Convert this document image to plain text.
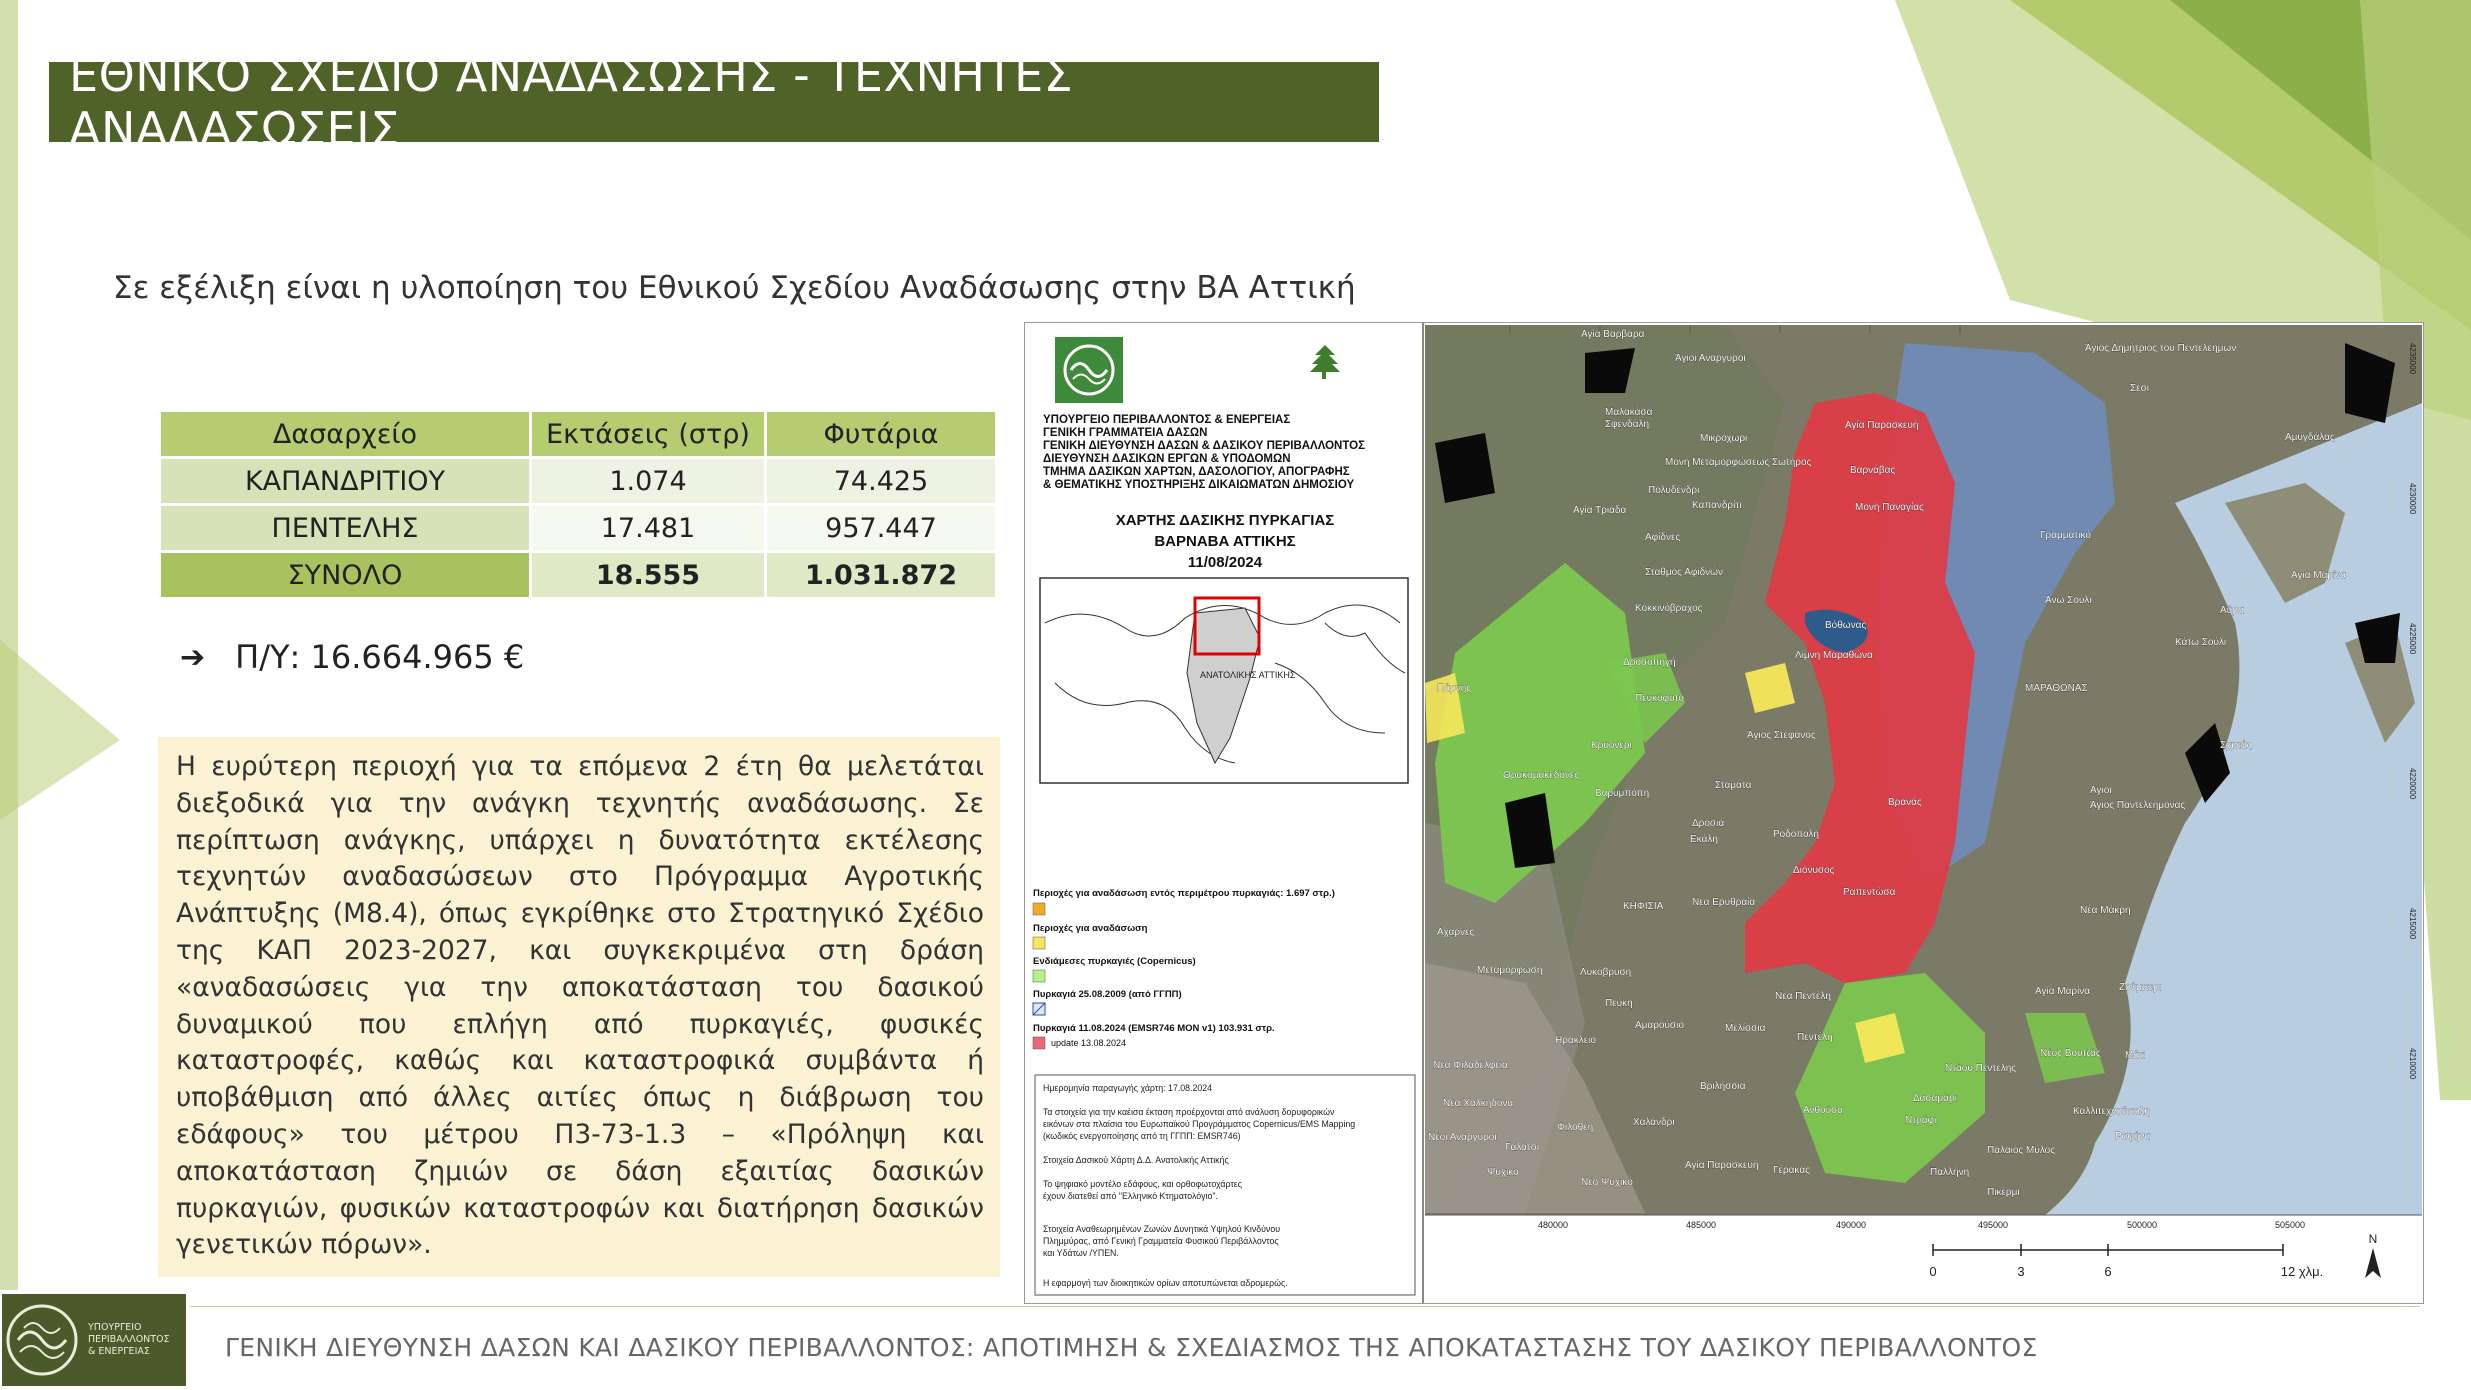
ΕΘΝΙΚΟ ΣΧΕΔΙΟ ΑΝΑΔΑΣΩΣΗΣ - ΤΕΧΝΗΤΕΣ ΑΝΑΔΑΣΩΣΕΙΣ
Σε εξέλιξη είναι η υλοποίηση του Εθνικού Σχεδίου Αναδάσωσης στην ΒΑ Αττική
Δασαρχείο	Εκτάσεις (στρ)	Φυτάρια
ΚΑΠΑΝΔΡΙΤΙΟΥ	1.074	74.425
ΠΕΝΤΕΛΗΣ	17.481	957.447
ΣΥΝΟΛΟ	18.555	1.031.872
➔ Π/Υ: 16.664.965 €

Η ευρύτερη περιοχή για τα επόμενα 2 έτη θα μελετάται διεξοδικά για την ανάγκη τεχνητής αναδάσωσης. Σε περίπτωση ανάγκης, υπάρχει η δυνατότητα εκτέλεσης τεχνητών αναδασώσεων στο Πρόγραμμα Αγροτικής Ανάπτυξης (Μ8.4), όπως εγκρίθηκε στο Στρατηγικό Σχέδιο της ΚΑΠ 2023-2027, και συγκεκριμένα στη δράση «αναδασώσεις για την αποκατάσταση του δασικού δυναμικού που επλήγη από πυρκαγιές, φυσικές καταστροφές, καθώς και καταστροφικά συμβάντα ή υποβάθμιση από άλλες αιτίες όπως η διάβρωση του εδάφους» του μέτρου Π3-73-1.3 – «Πρόληψη και αποκατάσταση ζημιών σε δάση εξαιτίας δασικών πυρκαγιών, φυσικών καταστροφών και διατήρηση δασικών γενετικών πόρων».

ΥΠΟΥΡΓΕΙΟ ΠΕΡΙΒΑΛΛΟΝΤΟΣ & ΕΝΕΡΓΕΙΑΣ
ΓΕΝΙΚΗ ΓΡΑΜΜΑΤΕΙΑ ΔΑΣΩΝ
ΓΕΝΙΚΗ ΔΙΕΥΘΥΝΣΗ ΔΑΣΩΝ & ΔΑΣΙΚΟΥ ΠΕΡΙΒΑΛΛΟΝΤΟΣ
ΔΙΕΥΘΥΝΣΗ ΔΑΣΙΚΩΝ ΕΡΓΩΝ & ΥΠΟΔΟΜΩΝ
ΤΜΗΜΑ ΔΑΣΙΚΩΝ ΧΑΡΤΩΝ, ΔΑΣΟΛΟΓΙΟΥ, ΑΠΟΓΡΑΦΗΣ
& ΘΕΜΑΤΙΚΗΣ ΥΠΟΣΤΗΡΙΞΗΣ ΔΙΚΑΙΩΜΑΤΩΝ ΔΗΜΟΣΙΟΥ
ΧΑΡΤΗΣ ΔΑΣΙΚΗΣ ΠΥΡΚΑΓΙΑΣ
ΒΑΡΝΑΒΑ ΑΤΤΙΚΗΣ
11/08/2024
ΑΝΑΤΟΛΙΚΗΣ ΑΤΤΙΚΗΣ
Περιοχές για αναδάσωση εντός περιμέτρου πυρκαγιάς: 1.697 στρ.)
Περιοχές για αναδάσωση
Ενδιάμεσες πυρκαγιές (Copernicus)
Πυρκαγιά 25.08.2009 (από ΓΓΠΠ)
Πυρκαγιά 11.08.2024 (EMSR746 MON v1) 103.931 στρ.
update 13.08.2024
Ημερομηνία παραγωγής χάρτη: 17.08.2024
Τα στοιχεία για την καέισα έκταση προέρχονται από ανάλυση δορυφορικών
εικόνων στα πλαίσια του Ευρωπαϊκού Προγράμματος Copernicus/EMS Mapping
(κωδικός ενεργοποίησης από τη ΓΓΠΠ: EMSR746)
Στοιχεία Δασικού Χάρτη Δ.Δ. Ανατολικής Αττικής
Το ψηφιακό μοντέλο εδάφους, και ορθοφωτοχάρτες
έχουν διατεθεί από "Ελληνικό Κτηματολόγιο".
Στοιχεία Αναθεωρημένων Ζωνών Δυνητικά Υψηλού Κινδύνου
Πλημμύρας, από Γενική Γραμματεία Φυσικού Περιβάλλοντος
και Υδάτων /ΥΠΕΝ.
Η εφαρμογή των διοικητικών ορίων αποτυπώνεται αδρομερώς.
Αγία Βαρβάρα
Άγιοι Αναργυροι
Άγιος Δημήτριος του Πεντελέημων
Σέσι
Μαλακάσα
Σφενδάλη
Αμυγδάλας
Μικρόχωρι
Αγία Παρασκευή
Μονή Μεταμορφώσεως Σωτήρος
Βαρνάβας
Πολυδένδρι
Αγία Τριάδα	Καπανδρίτι	Μονή Παναγίας
Γραμματικό
Αφίδνες
Σταθμός Αφιδνών
Κοκκινόβραχος
Άνω Σούλι
Αύρα
Αγία Μαρίνα
Βόθωνας
Κάτω Σούλι
Λίμνη Μαραθώνα
Πάρνης
Δροσοπηγή
Πευκόφυτο
ΜΑΡΑΘΩΝΑΣ
Κρυονέρι
Άγιος Στέφανος
Σχινιάς
Αγιοι
Θρακομακεδόνες
Βαρυμπόπη
Σταμάτα
Βρανάς	Άγιος Παντελεήμονας
Δροσιά
Ροδόπολη
Εκάλη
Διόνυσος
Ραπεντώσα
ΚΗΦΙΣΙΑ	Νέα Ερυθραία
Νέα Μάκρη
Αχαρνές
Μεταμόρφωση	Λυκόβρυση
Αγία Μαρίνα	Ζούμπερι
Νέα Πεντέλη
Πεύκη
Αμαρούσιο	Μελίσσια
Πεντέλη
Νέος Βουτζάς Μάτι
Νέα Φιλαδέλφεια
Ηράκλειο
Ντάου Πεντέλης
Νέα Χαλκηδόνα
Βριλήσσια
Δασαμάρι
Καλλιτεχνούπολη
Φιλοθέη	Χαλάνδρι
Ανθούσα
Ντράφι
Ραφήνα
Νέοι Ανάργυροι
Γαλάτσι	Παλαιός Μύλος
Ψυχικό
Νέο Ψυχικό
Αγία Παρασκευή Γέρακας	Παλλήνη
Πικέρμι
480000	485000	490000	495000	500000	505000
4235000
4230000
4225000
4220000
4215000
4210000
0	3	6	12 χλμ.
N
ΥΠΟΥΡΓΕΙΟ
ΠΕΡΙΒΑΛΛΟΝΤΟΣ
& ΕΝΕΡΓΕΙΑΣ	ΓΕΝΙΚΗ ΔΙΕΥΘΥΝΣΗ ΔΑΣΩΝ ΚΑΙ ΔΑΣΙΚΟΥ ΠΕΡΙΒΑΛΛΟΝΤΟΣ: ΑΠΟΤΙΜΗΣΗ & ΣΧΕΔΙΑΣΜΟΣ ΤΗΣ ΑΠΟΚΑΤΑΣΤΑΣΗΣ ΤΟΥ ΔΑΣΙΚΟΥ ΠΕΡΙΒΑΛΛΟΝΤΟΣ
